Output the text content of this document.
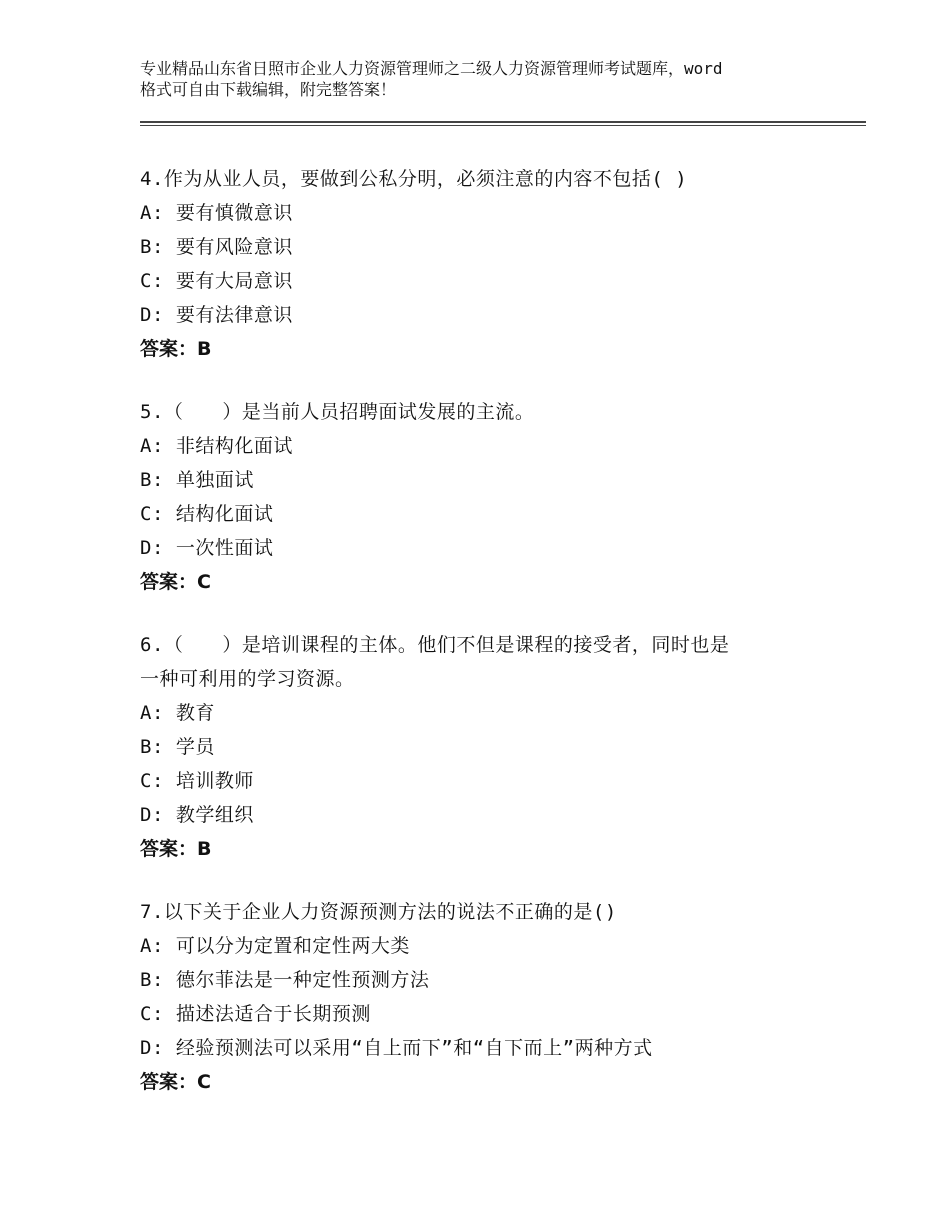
专业精品山东省日照市企业人力资源管理师之二级人力资源管理师考试题库，word
格式可自由下载编辑，附完整答案！
4.作为从业人员，要做到公私分明，必须注意的内容不包括( )
A: 要有慎微意识
B: 要有风险意识
C: 要有大局意识
D: 要有法律意识
答案：B
5.（　　）是当前人员招聘面试发展的主流。
A: 非结构化面试
B: 单独面试
C: 结构化面试
D: 一次性面试
答案：C
6.（　　）是培训课程的主体。他们不但是课程的接受者，同时也是
一种可利用的学习资源。
A: 教育
B: 学员
C: 培训教师
D: 教学组织
答案：B
7.以下关于企业人力资源预测方法的说法不正确的是()
A: 可以分为定置和定性两大类
B: 德尔菲法是一种定性预测方法
C: 描述法适合于长期预测
D: 经验预测法可以采用“自上而下”和“自下而上”两种方式
答案：C
